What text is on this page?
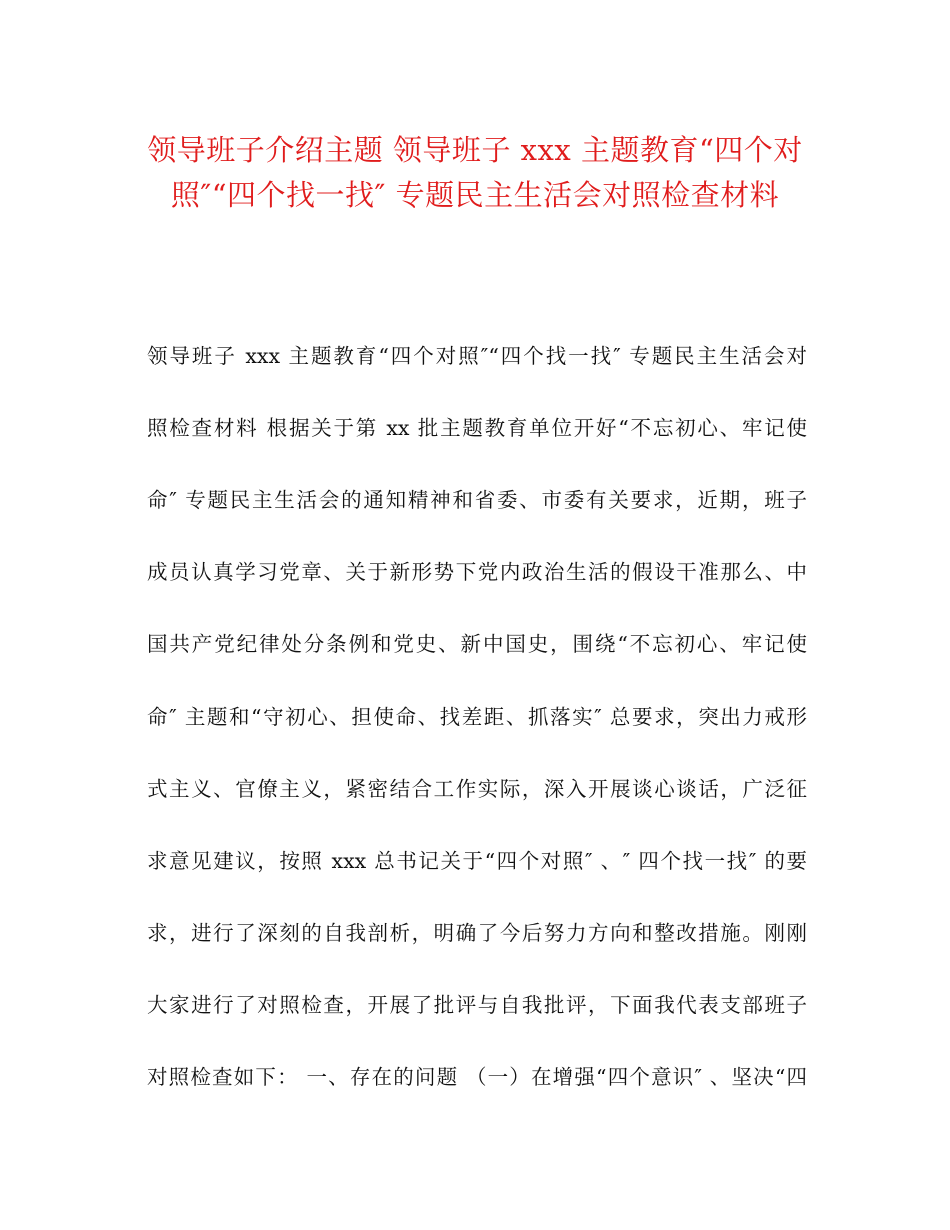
领导班子介绍主题 领导班子 xxx 主题教育“四个对
照″“四个找一找″ 专题民主生活会对照检查材料
领导班子 xxx 主题教育“四个对照″“四个找一找″ 专题民主生活会对
照检查材料 根据关于第 xx 批主题教育单位开好“不忘初心、牢记使
命″ 专题民主生活会的通知精神和省委、市委有关要求，近期，班子
成员认真学习党章、关于新形势下党内政治生活的假设干准那么、中
国共产党纪律处分条例和党史、新中国史，围绕“不忘初心、牢记使
命″ 主题和“守初心、担使命、找差距、抓落实″ 总要求，突出力戒形
式主义、官僚主义，紧密结合工作实际，深入开展谈心谈话，广泛征
求意见建议，按照 xxx 总书记关于“四个对照″ 、″ 四个找一找″ 的要
求，进行了深刻的自我剖析，明确了今后努力方向和整改措施。刚刚
大家进行了对照检查，开展了批评与自我批评，下面我代表支部班子
对照检查如下： 一、存在的问题 （一）在增强“四个意识″ 、坚决“四
